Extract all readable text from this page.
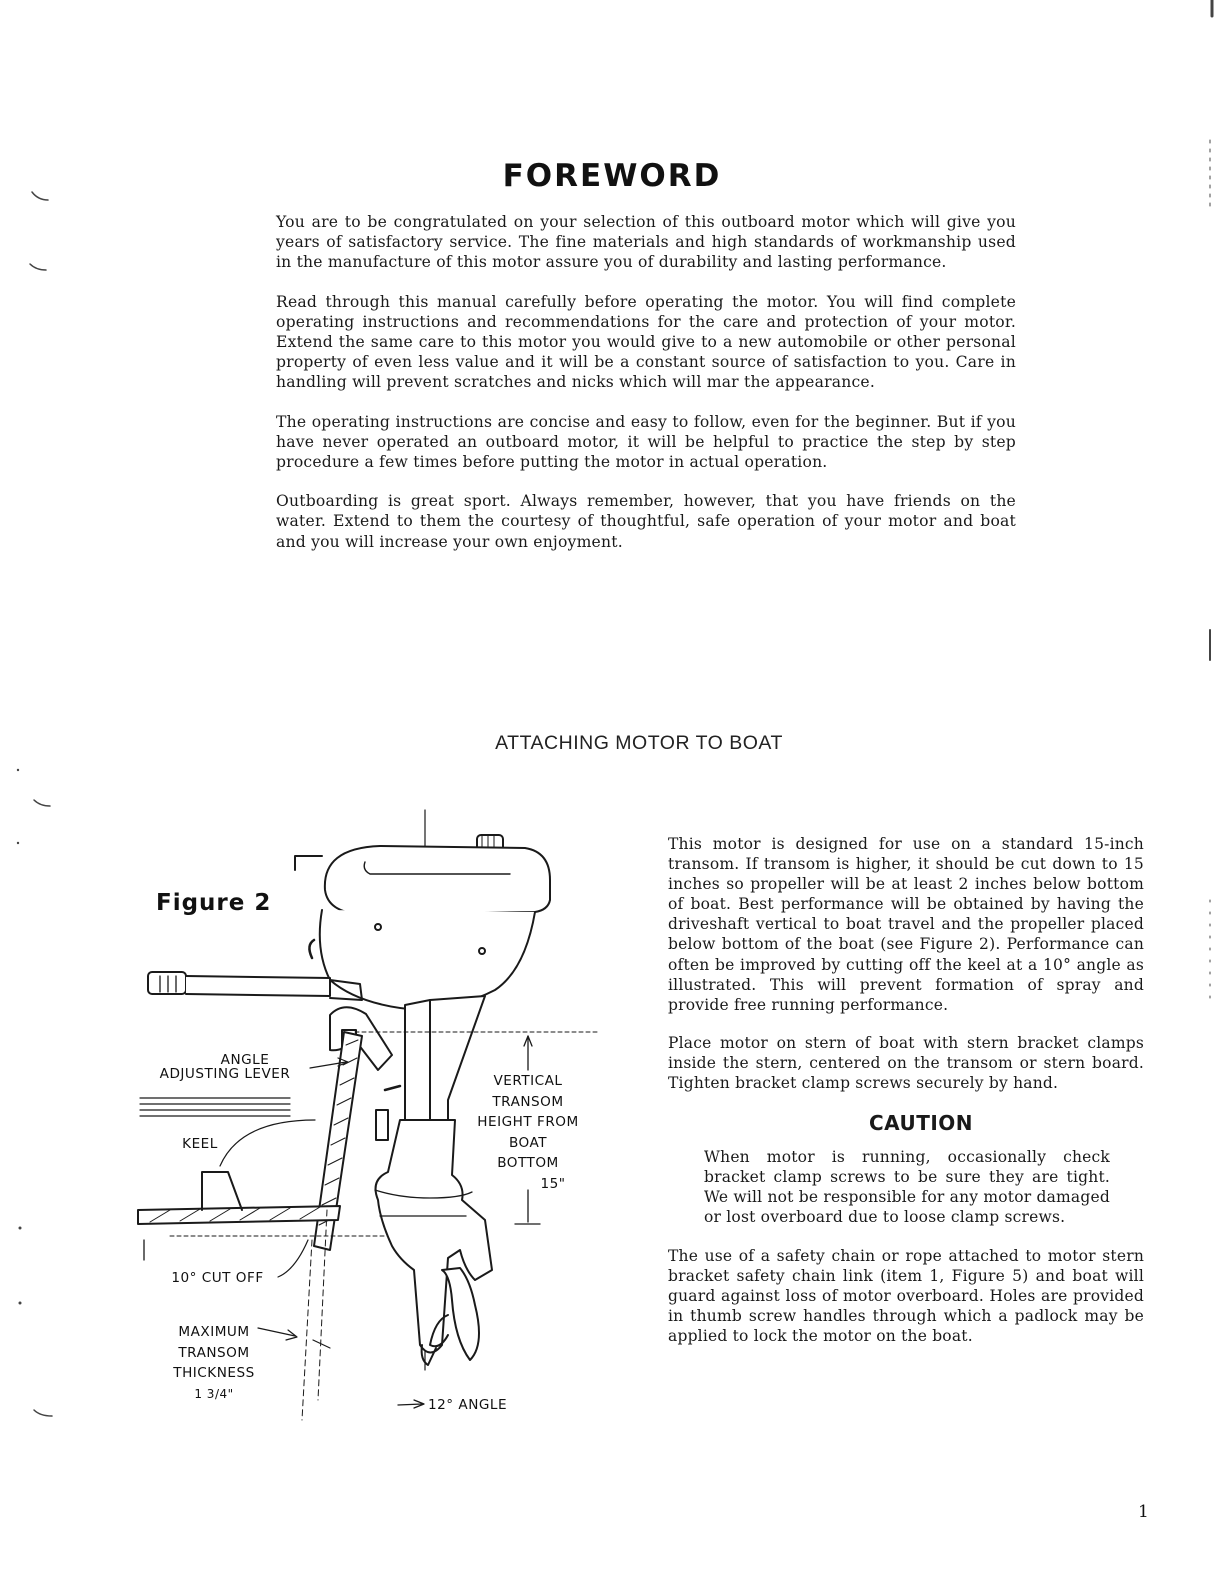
FOREWORD

You are to be congratulated on your selection of this outboard motor which will give you years of satisfactory service. The fine materials and high standards of workmanship used in the manufacture of this motor assure you of durability and lasting performance.

Read through this manual carefully before operating the motor. You will find complete operating instructions and recommendations for the care and protection of your motor. Extend the same care to this motor you would give to a new automobile or other personal property of even less value and it will be a constant source of satisfaction to you. Care in handling will prevent scratches and nicks which will mar the appearance.

The operating instructions are concise and easy to follow, even for the beginner. But if you have never operated an outboard motor, it will be helpful to practice the step by step procedure a few times before putting the motor in actual operation.

Outboarding is great sport. Always remember, however, that you have friends on the water. Extend to them the courtesy of thoughtful, safe operation of your motor and boat and you will increase your own enjoyment.

ATTACHING MOTOR TO BOAT
Figure 2
ANGLE
ADJUSTING LEVER
KEEL
VERTICAL
TRANSOM
HEIGHT FROM
BOAT
BOTTOM
15"
10° CUT OFF
MAXIMUM
TRANSOM
THICKNESS
1 3/4"
12° ANGLE

This motor is designed for use on a standard 15-inch transom. If transom is higher, it should be cut down to 15 inches so propeller will be at least 2 inches below bottom of boat. Best performance will be obtained by having the driveshaft vertical to boat travel and the propeller placed below bottom of the boat (see Figure 2). Performance can often be improved by cutting off the keel at a 10° angle as illustrated. This will prevent formation of spray and provide free running performance.

Place motor on stern of boat with stern bracket clamps inside the stern, centered on the transom or stern board. Tighten bracket clamp screws securely by hand.

CAUTION

When motor is running, occasionally check bracket clamp screws to be sure they are tight. We will not be responsible for any motor damaged or lost overboard due to loose clamp screws.

The use of a safety chain or rope attached to motor stern bracket safety chain link (item 1, Figure 5) and boat will guard against loss of motor overboard. Holes are provided in thumb screw handles through which a padlock may be applied to lock the motor on the boat.

1
